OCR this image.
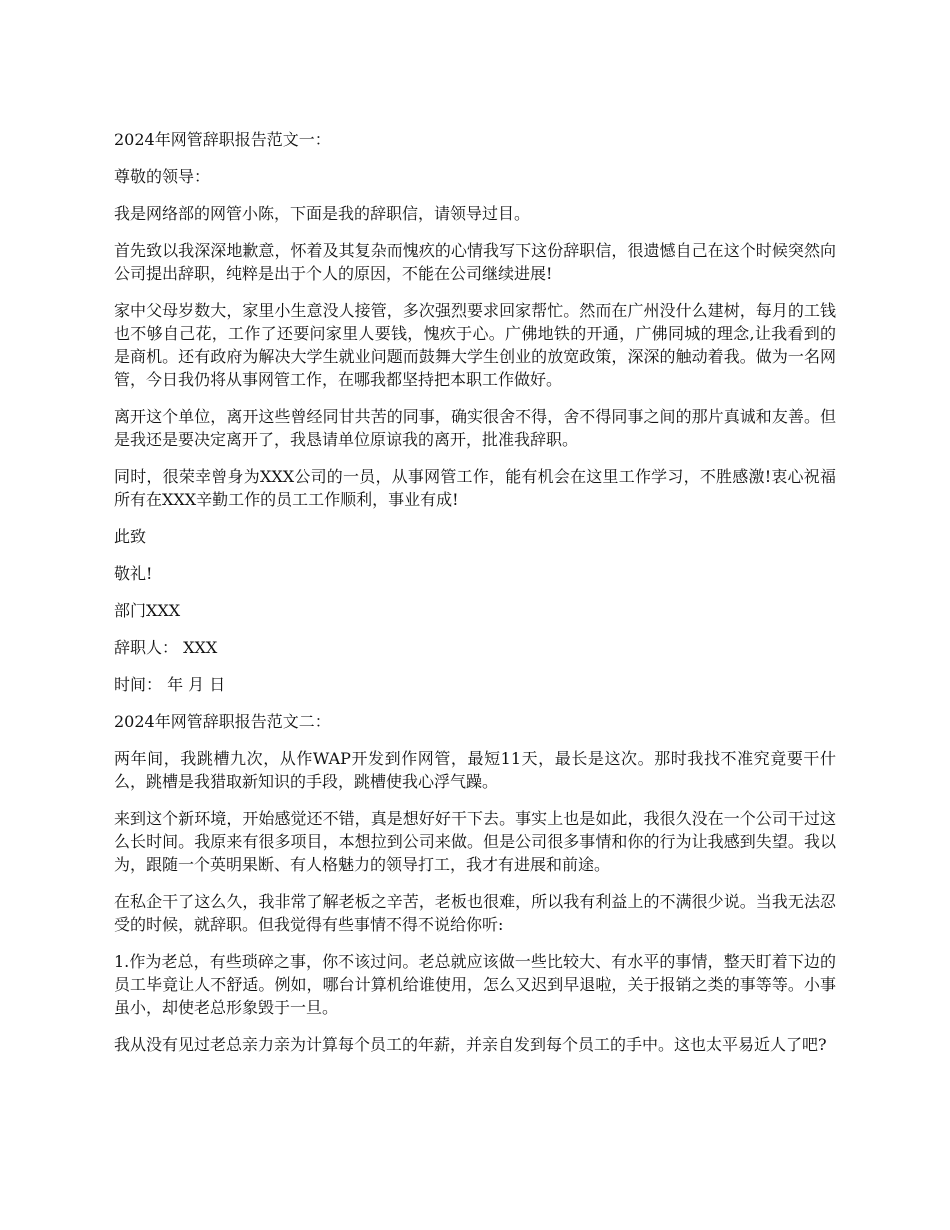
2024年网管辞职报告范文一：

尊敬的领导：

我是网络部的网管小陈，下面是我的辞职信，请领导过目。

首先致以我深深地歉意，怀着及其复杂而愧疚的心情我写下这份辞职信，很遗憾自己在这个时候突然向公司提出辞职，纯粹是出于个人的原因，不能在公司继续进展!

家中父母岁数大，家里小生意没人接管，多次强烈要求回家帮忙。然而在广州没什么建树，每月的工钱也不够自己花，工作了还要问家里人要钱，愧疚于心。广佛地铁的开通，广佛同城的理念,让我看到的是商机。还有政府为解决大学生就业问题而鼓舞大学生创业的放宽政策，深深的触动着我。做为一名网管，今日我仍将从事网管工作，在哪我都坚持把本职工作做好。

离开这个单位，离开这些曾经同甘共苦的同事，确实很舍不得，舍不得同事之间的那片真诚和友善。但是我还是要决定离开了，我恳请单位原谅我的离开，批准我辞职。

同时，很荣幸曾身为XXX公司的一员，从事网管工作，能有机会在这里工作学习，不胜感激!衷心祝福所有在XXX辛勤工作的员工工作顺利，事业有成!

此致

敬礼!

部门XXX

辞职人： XXX

时间： 年 月 日

2024年网管辞职报告范文二：

两年间，我跳槽九次，从作WAP开发到作网管，最短11天，最长是这次。那时我找不准究竟要干什么，跳槽是我猎取新知识的手段，跳槽使我心浮气躁。

来到这个新环境，开始感觉还不错，真是想好好干下去。事实上也是如此，我很久没在一个公司干过这么长时间。我原来有很多项目，本想拉到公司来做。但是公司很多事情和你的行为让我感到失望。我以为，跟随一个英明果断、有人格魅力的领导打工，我才有进展和前途。

在私企干了这么久，我非常了解老板之辛苦，老板也很难，所以我有利益上的不满很少说。当我无法忍受的时候，就辞职。但我觉得有些事情不得不说给你听:

1.作为老总，有些琐碎之事，你不该过问。老总就应该做一些比较大、有水平的事情，整天盯着下边的员工毕竟让人不舒适。例如，哪台计算机给谁使用，怎么又迟到早退啦，关于报销之类的事等等。小事虽小，却使老总形象毁于一旦。

我从没有见过老总亲力亲为计算每个员工的年薪，并亲自发到每个员工的手中。这也太平易近人了吧?
